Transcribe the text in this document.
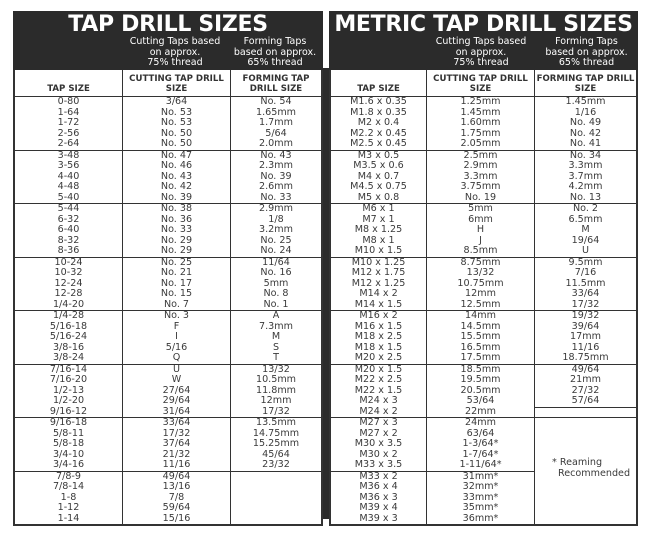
TAP DRILL SIZES
Cutting Taps based
on approx.
75% thread
Forming Taps
based on approx.
65% thread
TAP SIZE
CUTTING TAP DRILL SIZE
FORMING TAP DRILL SIZE
0-80
1-64
1-72
2-56
2-64
3/64
No. 53
No. 53
No. 50
No. 50
No. 54
1.65mm
1.7mm
5/64
2.0mm
3-48
3-56
4-40
4-48
5-40
No. 47
No. 46
No. 43
No. 42
No. 39
No. 43
2.3mm
No. 39
2.6mm
No. 33
5-44
6-32
6-40
8-32
8-36
No. 38
No. 36
No. 33
No. 29
No. 29
2.9mm
1/8
3.2mm
No. 25
No. 24
10-24
10-32
12-24
12-28
1/4-20
No. 25
No. 21
No. 17
No. 15
No. 7
11/64
No. 16
5mm
No. 8
No. 1
1/4-28
5/16-18
5/16-24
3/8-16
3/8-24
No. 3
F
I
5/16
Q
A
7.3mm
M
S
T
7/16-14
7/16-20
1/2-13
1/2-20
9/16-12
U
W
27/64
29/64
31/64
13/32
10.5mm
11.8mm
12mm
17/32
9/16-18
5/8-11
5/8-18
3/4-10
3/4-16
33/64
17/32
37/64
21/32
11/16
13.5mm
14.75mm
15.25mm
45/64
23/32
7/8-9
7/8-14
1-8
1-12
1-14
49/64
13/16
7/8
59/64
15/16

METRIC TAP DRILL SIZES
Cutting Taps based
on approx.
75% thread
Forming Taps
based on approx.
65% thread
TAP SIZE
CUTTING TAP DRILL SIZE
FORMING TAP DRILL SIZE
M1.6 x 0.35
M1.8 x 0.35
M2 x 0.4
M2.2 x 0.45
M2.5 x 0.45
1.25mm
1.45mm
1.60mm
1.75mm
2.05mm
1.45mm
1/16
No. 49
No. 42
No. 41
M3 x 0.5
M3.5 x 0.6
M4 x 0.7
M4.5 x 0.75
M5 x 0.8
2.5mm
2.9mm
3.3mm
3.75mm
No. 19
No. 34
3.3mm
3.7mm
4.2mm
No. 13
M6 x 1
M7 x 1
M8 x 1.25
M8 x 1
M10 x 1.5
5mm
6mm
H
J
8.5mm
No. 2
6.5mm
M
19/64
U
M10 x 1.25
M12 x 1.75
M12 x 1.25
M14 x 2
M14 x 1.5
8.75mm
13/32
10.75mm
12mm
12.5mm
9.5mm
7/16
11.5mm
33/64
17/32
M16 x 2
M16 x 1.5
M18 x 2.5
M18 x 1.5
M20 x 2.5
14mm
14.5mm
15.5mm
16.5mm
17.5mm
19/32
39/64
17mm
11/16
18.75mm
M20 x 1.5
M22 x 2.5
M22 x 1.5
M24 x 3
M24 x 2
18.5mm
19.5mm
20.5mm
53/64
22mm
49/64
21mm
27/32
57/64

M27 x 3
M27 x 2
M30 x 3.5
M30 x 2
M33 x 3.5
24mm
63/64
1-3/64*
1-7/64*
1-11/64*	* Reaming
Recommended
M33 x 2
M36 x 4
M36 x 3
M39 x 4
M39 x 3
31mm*
32mm*
33mm*
35mm*
36mm*
